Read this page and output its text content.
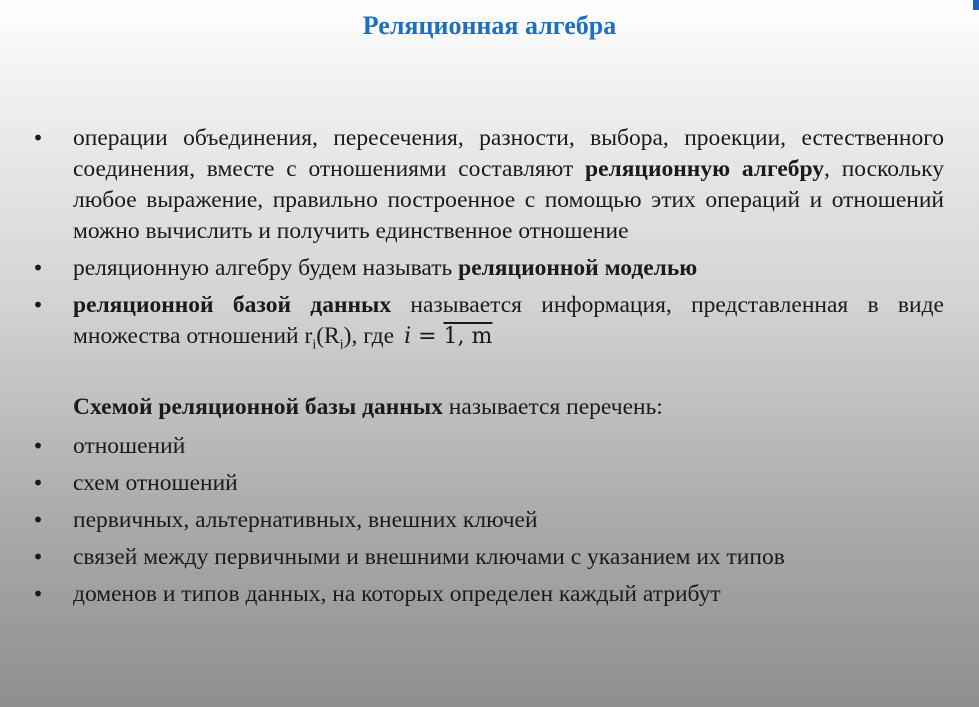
Реляционная алгебра
• операции объединения, пересечения, разности, выбора, проекции, естественного соединения, вместе с отношениями составляют реляционную алгебру, поскольку любое выражение, правильно построенное с помощью этих операций и отношений можно вычислить и получить единственное отношение
• реляционную алгебру будем называть реляционной моделью
• реляционной базой данных называется информация, представленная в виде множества отношений $r_i(R_i)$, где i = 1, m
Схемой реляционной базы данных называется перечень:
• отношений
• схем отношений
• первичных, альтернативных, внешних ключей
• связей между первичными и внешними ключами с указанием их типов
• доменов и типов данных, на которых определен каждый атрибут
